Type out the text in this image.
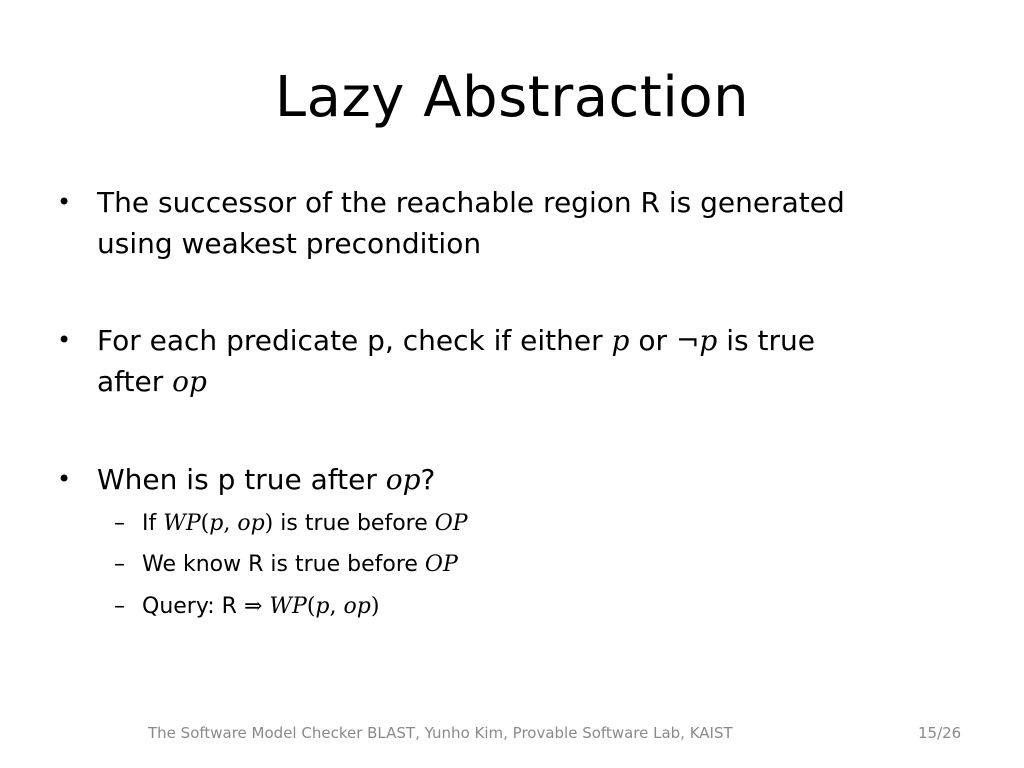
Lazy Abstraction
• The successor of the reachable region R is generated
using weakest precondition
• For each predicate p, check if either p or ¬p is true
after op
• When is p true after op?
– If WP(p, op) is true before OP
– We know R is true before OP
– Query: R ⇒ WP(p, op)
The Software Model Checker BLAST, Yunho Kim, Provable Software Lab, KAIST	15/26
